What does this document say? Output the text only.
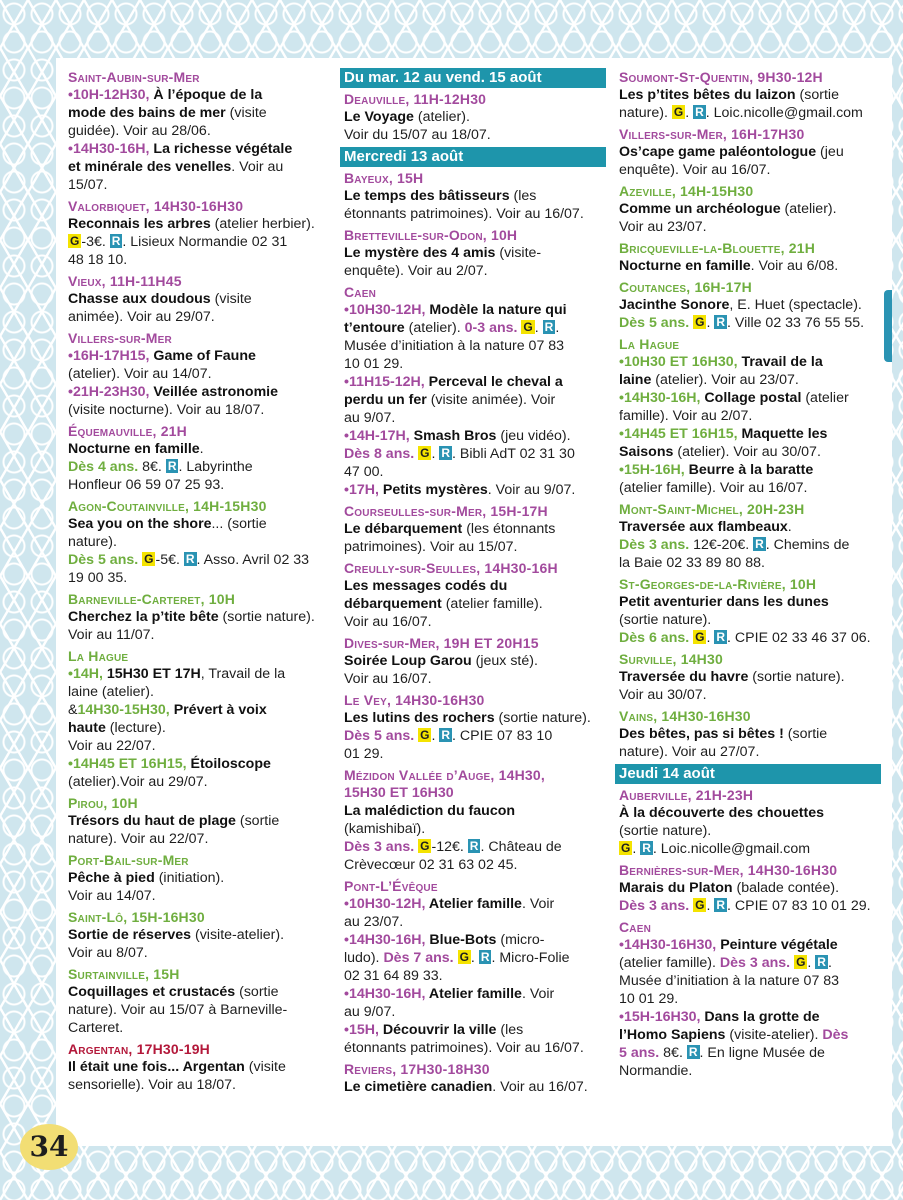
Saint-Aubin-sur-Mer
•10H-12H30, À l’époque de la
mode des bains de mer (visite
guidée). Voir au 28/06.
•14H30-16H, La richesse végétale
et minérale des venelles. Voir au
15/07.
Valorbiquet, 14H30-16H30
Reconnais les arbres (atelier herbier).
G -3€. R . Lisieux Normandie 02 31
48 18 10.
Vieux, 11H-11H45
Chasse aux doudous (visite
animée). Voir au 29/07.
Villers-sur-Mer
•16H-17H15, Game of Faune
(atelier). Voir au 14/07.
•21H-23H30, Veillée astronomie
(visite nocturne). Voir au 18/07.
Équemauville, 21H
Nocturne en famille.
Dès 4 ans. 8€. R . Labyrinthe
Honfleur 06 59 07 25 93.
Agon-Coutainville, 14H-15H30
Sea you on the shore... (sortie
nature).
Dès 5 ans. G -5€. R . Asso. Avril 02 33
19 00 35.
Barneville-Carteret, 10H
Cherchez la p’tite bête (sortie nature).
Voir au 11/07.
La Hague
•14H, 15H30 ET 17H, Travail de la
laine (atelier).
&14H30-15H30, Prévert à voix
haute (lecture).
Voir au 22/07.
•14H45 ET 16H15, Étoiloscope
(atelier).Voir au 29/07.
Pirou, 10H
Trésors du haut de plage (sortie
nature). Voir au 22/07.
Port-Bail-sur-Mer
Pêche à pied (initiation).
Voir au 14/07.
Saint-Lô, 15H-16H30
Sortie de réserves (visite-atelier).
Voir au 8/07.
Surtainville, 15H
Coquillages et crustacés (sortie
nature). Voir au 15/07 à Barneville-
Carteret.
Argentan, 17H30-19H
Il était une fois... Argentan (visite
sensorielle). Voir au 18/07.
Du mar. 12 au vend. 15 août
Deauville, 11H-12H30
Le Voyage (atelier).
Voir du 15/07 au 18/07.
Mercredi 13 août
Bayeux, 15H
Le temps des bâtisseurs (les
étonnants patrimoines). Voir au 16/07.
Bretteville-sur-Odon, 10H
Le mystère des 4 amis (visite-
enquête). Voir au 2/07.
Caen
•10H30-12H, Modèle la nature qui
t’entoure (atelier). 0-3 ans. G . R .
Musée d’initiation à la nature 07 83
10 01 29.
•11H15-12H, Perceval le cheval a
perdu un fer (visite animée). Voir
au 9/07.
•14H-17H, Smash Bros (jeu vidéo).
Dès 8 ans. G . R . Bibli AdT 02 31 30
47 00.
•17H, Petits mystères. Voir au 9/07.
Courseulles-sur-Mer, 15H-17H
Le débarquement (les étonnants
patrimoines). Voir au 15/07.
Creully-sur-Seulles, 14H30-16H
Les messages codés du
débarquement (atelier famille).
Voir au 16/07.
Dives-sur-Mer, 19H ET 20H15
Soirée Loup Garou (jeux sté).
Voir au 16/07.
Le Vey, 14H30-16H30
Les lutins des rochers (sortie nature).
Dès 5 ans. G . R . CPIE 07 83 10
01 29.
Mézidon Vallée d’Auge, 14H30,
15H30 ET 16H30
La malédiction du faucon
(kamishibaï).
Dès 3 ans. G -12€. R . Château de
Crèvecœur 02 31 63 02 45.
Pont-L’Évêque
•10H30-12H, Atelier famille. Voir
au 23/07.
•14H30-16H, Blue-Bots (micro-
ludo). Dès 7 ans. G . R . Micro-Folie
02 31 64 89 33.
•14H30-16H, Atelier famille. Voir
au 9/07.
•15H, Découvrir la ville (les
étonnants patrimoines). Voir au 16/07.
Reviers, 17H30-18H30
Le cimetière canadien. Voir au 16/07.
Soumont-St-Quentin, 9H30-12H
Les p’tites bêtes du laizon (sortie
nature). G . R . Loic.nicolle@gmail.com
Villers-sur-Mer, 16H-17H30
Os’cape game paléontologue (jeu
enquête). Voir au 16/07.
Azeville, 14H-15H30
Comme un archéologue (atelier).
Voir au 23/07.
Bricqueville-la-Blouette, 21H
Nocturne en famille. Voir au 6/08.
Coutances, 16H-17H
Jacinthe Sonore, E. Huet (spectacle).
Dès 5 ans. G . R . Ville 02 33 76 55 55.
La Hague
•10H30 ET 16H30, Travail de la
laine (atelier). Voir au 23/07.
•14H30-16H, Collage postal (atelier
famille). Voir au 2/07.
•14H45 ET 16H15, Maquette les
Saisons (atelier). Voir au 30/07.
•15H-16H, Beurre à la baratte
(atelier famille). Voir au 16/07.
Mont-Saint-Michel, 20H-23H
Traversée aux flambeaux.
Dès 3 ans. 12€-20€. R . Chemins de
la Baie 02 33 89 80 88.
St-Georges-de-la-Rivière, 10H
Petit aventurier dans les dunes
(sortie nature).
Dès 6 ans. G . R . CPIE 02 33 46 37 06.
Surville, 14H30
Traversée du havre (sortie nature).
Voir au 30/07.
Vains, 14H30-16H30
Des bêtes, pas si bêtes ! (sortie
nature). Voir au 27/07.
Jeudi 14 août
Auberville, 21H-23H
À la découverte des chouettes
(sortie nature).
G . R . Loic.nicolle@gmail.com
Bernières-sur-Mer, 14H30-16H30
Marais du Platon (balade contée).
Dès 3 ans. G . R . CPIE 07 83 10 01 29.
Caen
•14H30-16H30, Peinture végétale
(atelier famille). Dès 3 ans. G . R .
Musée d’initiation à la nature 07 83
10 01 29.
•15H-16H30, Dans la grotte de
l’Homo Sapiens (visite-atelier). Dès
5 ans. 8€. R . En ligne Musée de
Normandie.
34
